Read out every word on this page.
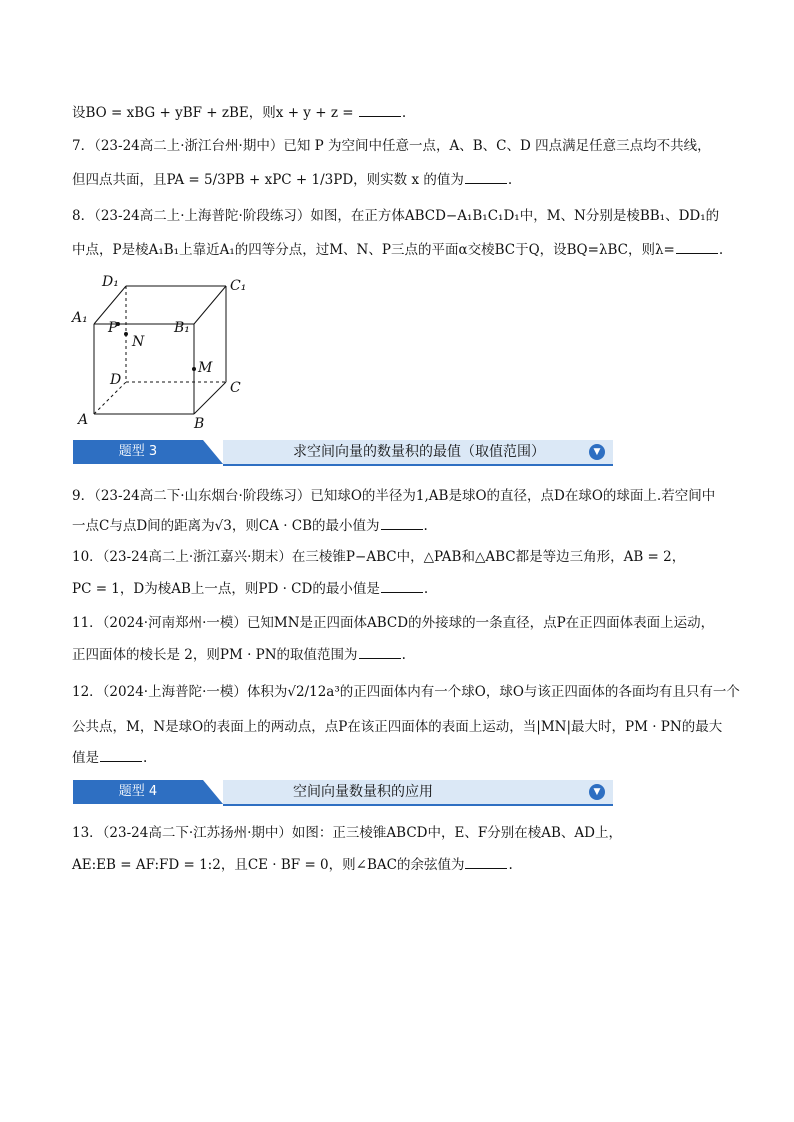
设BO = xBG + yBF + zBE，则x + y + z =	.
7．（23-24高二上·浙江台州·期中）已知 P 为空间中任意一点，A、B、C、D 四点满足任意三点均不共线，
但四点共面，且PA = 5/3PB + xPC + 1/3PD，则实数 x 的值为	.
8．（23-24高二上·上海普陀·阶段练习）如图，在正方体ABCD−A₁B₁C₁D₁中，M、N分别是棱BB₁、DD₁的
中点，P是棱A₁B₁上靠近A₁的四等分点，过M、N、P三点的平面α交棱BC于Q，设BQ=λBC，则λ=	.
D₁	C₁
A₁
P	B₁
N
M
D	C
A	B
题型 3	求空间向量的数量积的最值（取值范围）	▼
9．（23-24高二下·山东烟台·阶段练习）已知球O的半径为1,AB是球O的直径，点D在球O的球面上.若空间中
一点C与点D间的距离为√3，则CA · CB的最小值为	.
10．（23-24高二上·浙江嘉兴·期末）在三棱锥P−ABC中，△PAB和△ABC都是等边三角形，AB = 2，
PC = 1，D为棱AB上一点，则PD · CD的最小值是	.
11．（2024·河南郑州·一模）已知MN是正四面体ABCD的外接球的一条直径，点P在正四面体表面上运动，
正四面体的棱长是 2，则PM · PN的取值范围为	.
12．（2024·上海普陀·一模）体积为√2/12a³的正四面体内有一个球O，球O与该正四面体的各面均有且只有一个
公共点，M，N是球O的表面上的两动点，点P在该正四面体的表面上运动，当|MN|最大时，PM · PN的最大
值是	.
题型 4	空间向量数量积的应用	▼
13．（23-24高二下·江苏扬州·期中）如图：正三棱锥ABCD中，E、F分别在棱AB、AD上，
AE:EB = AF:FD = 1:2，且CE · BF = 0，则∠BAC的余弦值为	.
